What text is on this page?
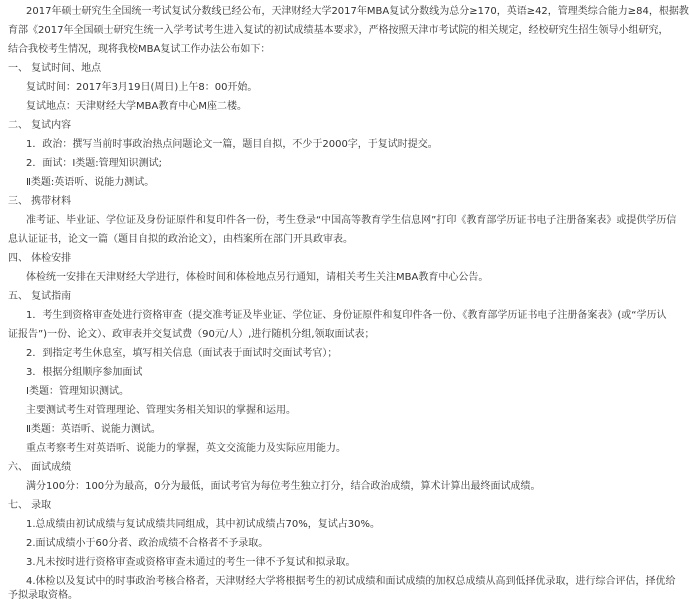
2017年硕士研究生全国统一考试复试分数线已经公布，天津财经大学2017年MBA复试分数线为总分≥170，英语≥42，管理类综合能力≥84，根据教
育部《2017年全国硕士研究生统一入学考试考生进入复试的初试成绩基本要求》，严格按照天津市考试院的相关规定，经校研究生招生领导小组研究，
结合我校考生情况，现将我校MBA复试工作办法公布如下：
一、 复试时间、地点
复试时间：2017年3月19日(周日)上午8：00开始。
复试地点：天津财经大学MBA教育中心M座二楼。
二、 复试内容
1．政治：撰写当前时事政治热点问题论文一篇，题目自拟，不少于2000字，于复试时提交。
2．面试：Ⅰ类题:管理知识测试;
Ⅱ类题:英语听、说能力测试。
三、 携带材料
准考证、毕业证、学位证及身份证原件和复印件各一份，考生登录“中国高等教育学生信息网”打印《教育部学历证书电子注册备案表》或提供学历信
息认证证书，论文一篇（题目自拟的政治论文），由档案所在部门开具政审表。
四、 体检安排
体检统一安排在天津财经大学进行，体检时间和体检地点另行通知，请相关考生关注MBA教育中心公告。
五、 复试指南
1．考生到资格审查处进行资格审查（提交准考证及毕业证、学位证、身份证原件和复印件各一份、《教育部学历证书电子注册备案表》(或“学历认
证报告”)一份、论文）、政审表并交复试费（90元/人）,进行随机分组,领取面试表；
2．到指定考生休息室，填写相关信息（面试表于面试时交面试考官）；
3．根据分组顺序参加面试
Ⅰ类题：管理知识测试。
主要测试考生对管理理论、管理实务相关知识的掌握和运用。
Ⅱ类题：英语听、说能力测试。
重点考察考生对英语听、说能力的掌握，英文交流能力及实际应用能力。
六、 面试成绩
满分100分：100分为最高，0分为最低，面试考官为每位考生独立打分，结合政治成绩，算术计算出最终面试成绩。
七、 录取
1.总成绩由初试成绩与复试成绩共同组成，其中初试成绩占70%，复试占30%。
2.面试成绩小于60分者、政治成绩不合格者不予录取。
3.凡未按时进行资格审查或资格审查未通过的考生一律不予复试和拟录取。
4.体检以及复试中的时事政治考核合格者，天津财经大学将根据考生的初试成绩和面试成绩的加权总成绩从高到低择优录取，进行综合评估，择优给
予拟录取资格。
